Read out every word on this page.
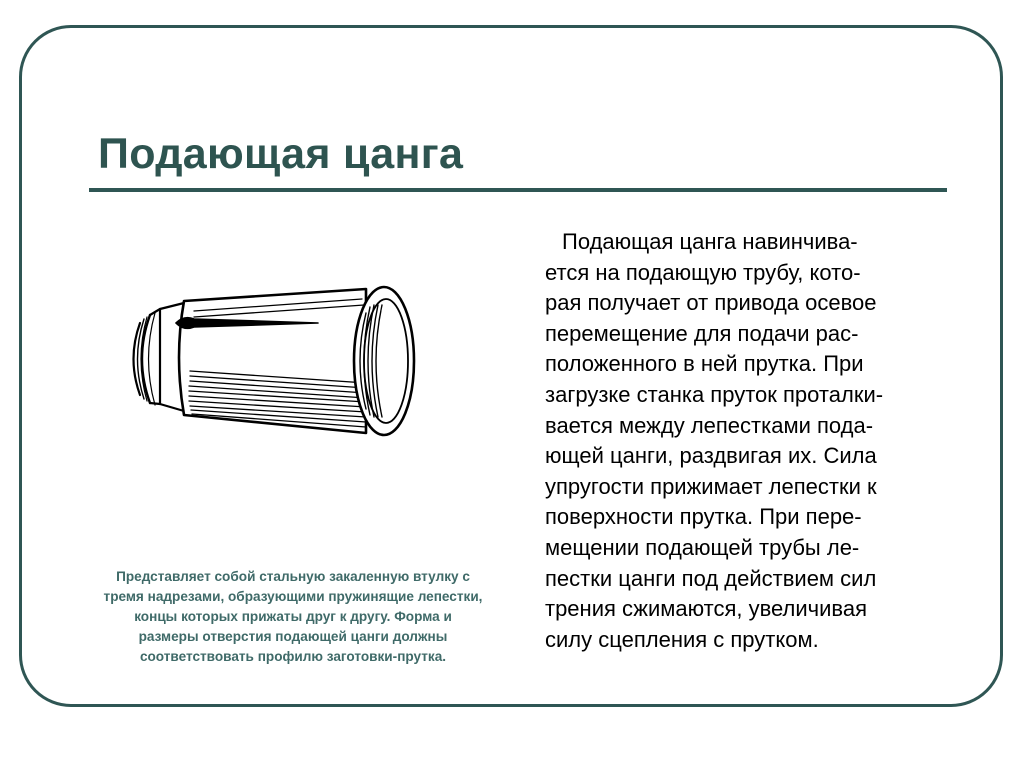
Подающая цанга

Представляет собой стальную закаленную втулку с
тремя надрезами, образующими пружинящие лепестки,
концы которых прижаты друг к другу. Форма и
размеры отверстия подающей цанги должны
соответствовать профилю заготовки-прутка.

Подающая цанга навинчива-
ется на подающую трубу, кото-
рая получает от привода осевое
перемещение для подачи рас-
положенного в ней прутка. При
загрузке станка пруток проталки-
вается между лепестками пода-
ющей цанги, раздвигая их. Сила
упругости прижимает лепестки к
поверхности прутка. При пере-
мещении подающей трубы ле-
пестки цанги под действием сил
трения сжимаются, увеличивая
силу сцепления с прутком.
